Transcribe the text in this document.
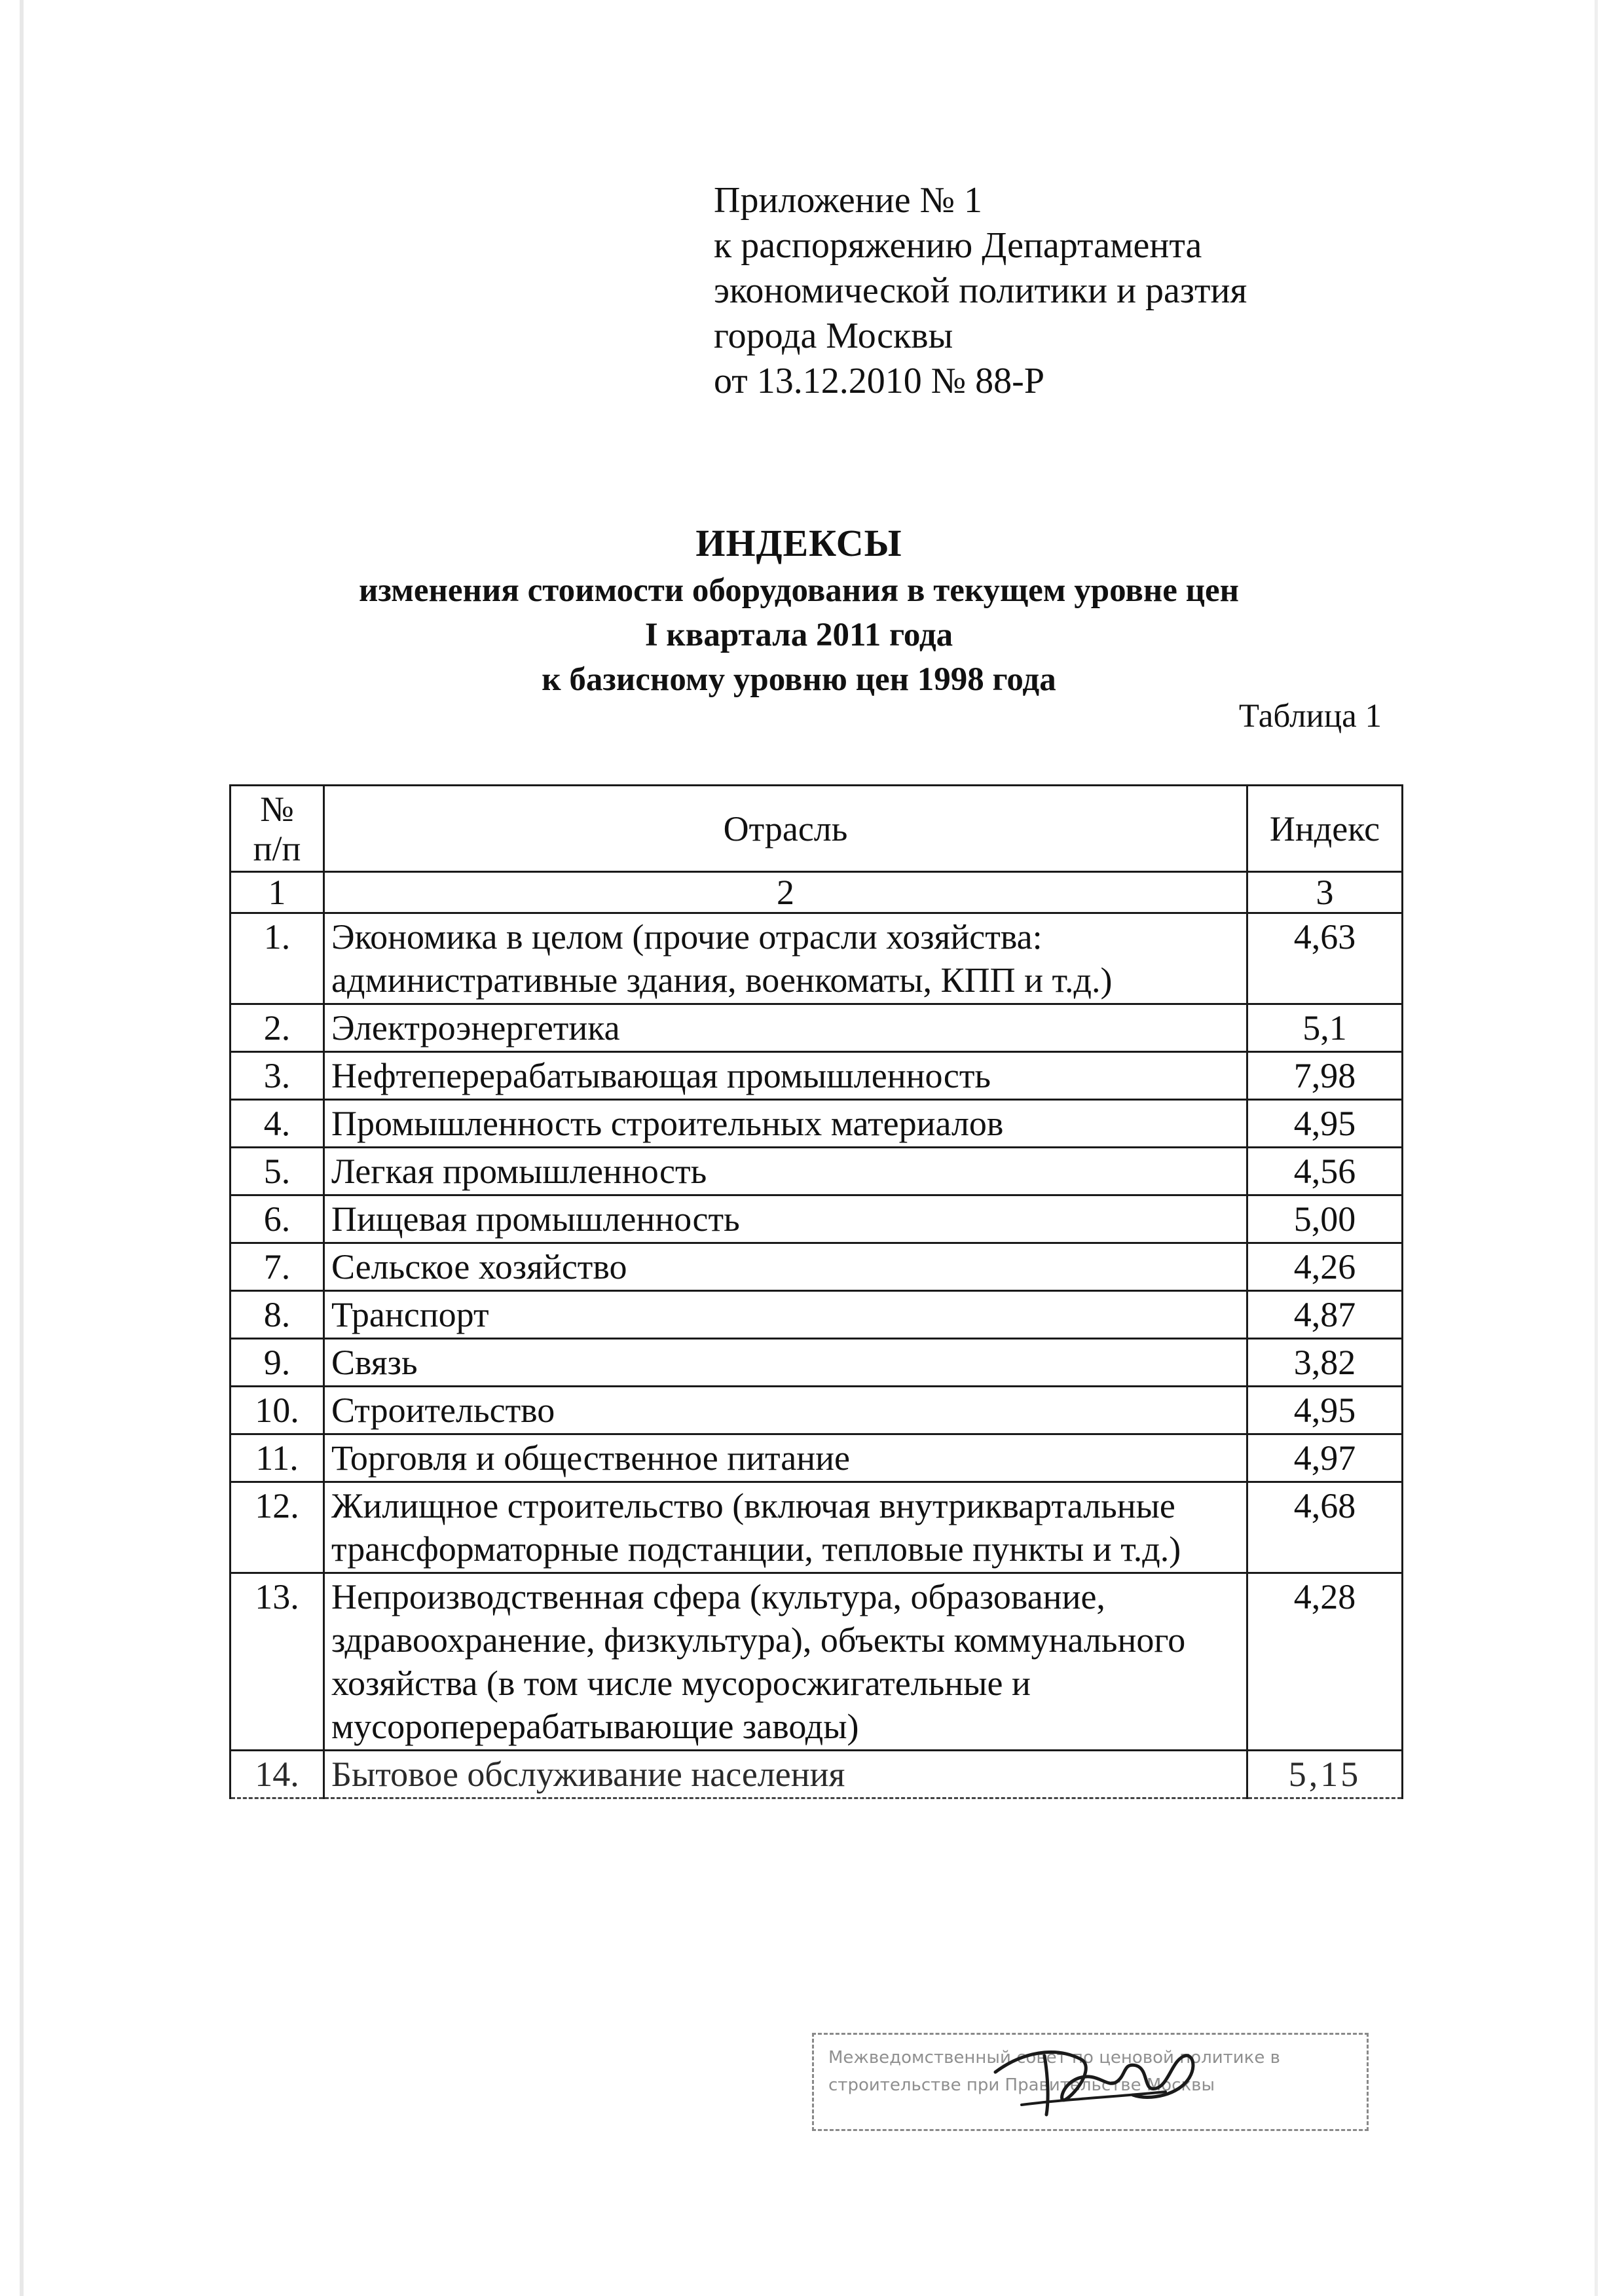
Приложение № 1
к распоряжению Департамента
экономической политики и разтия
города Москвы
от 13.12.2010 № 88-Р
ИНДЕКСЫ
изменения стоимости оборудования в текущем уровне цен
I квартала 2011 года
к базисному уровню цен 1998 года
Таблица 1
№
п/п	Отрасль	Индекс
1	2	3
1.	Экономика в целом (прочие отрасли хозяйства: административные здания, военкоматы, КПП и т.д.)	4,63
2.	Электроэнергетика	5,1
3.	Нефтеперерабатывающая промышленность	7,98
4.	Промышленность строительных материалов	4,95
5.	Легкая промышленность	4,56
6.	Пищевая промышленность	5,00
7.	Сельское хозяйство	4,26
8.	Транспорт	4,87
9.	Связь	3,82
10.	Строительство	4,95
11.	Торговля и общественное питание	4,97
12.	Жилищное строительство (включая внутриквартальные трансформаторные подстанции, тепловые пункты и т.д.)	4,68
13.	Непроизводственная сфера (культура, образование, здравоохранение, физкультура), объекты коммунального хозяйства (в том числе мусоросжигательные и мусороперерабатывающие заводы)	4,28
14.	Бытовое обслуживание населения	5,15
Межведомственный совет по ценовой политике в
строительстве при Правительстве Москвы
